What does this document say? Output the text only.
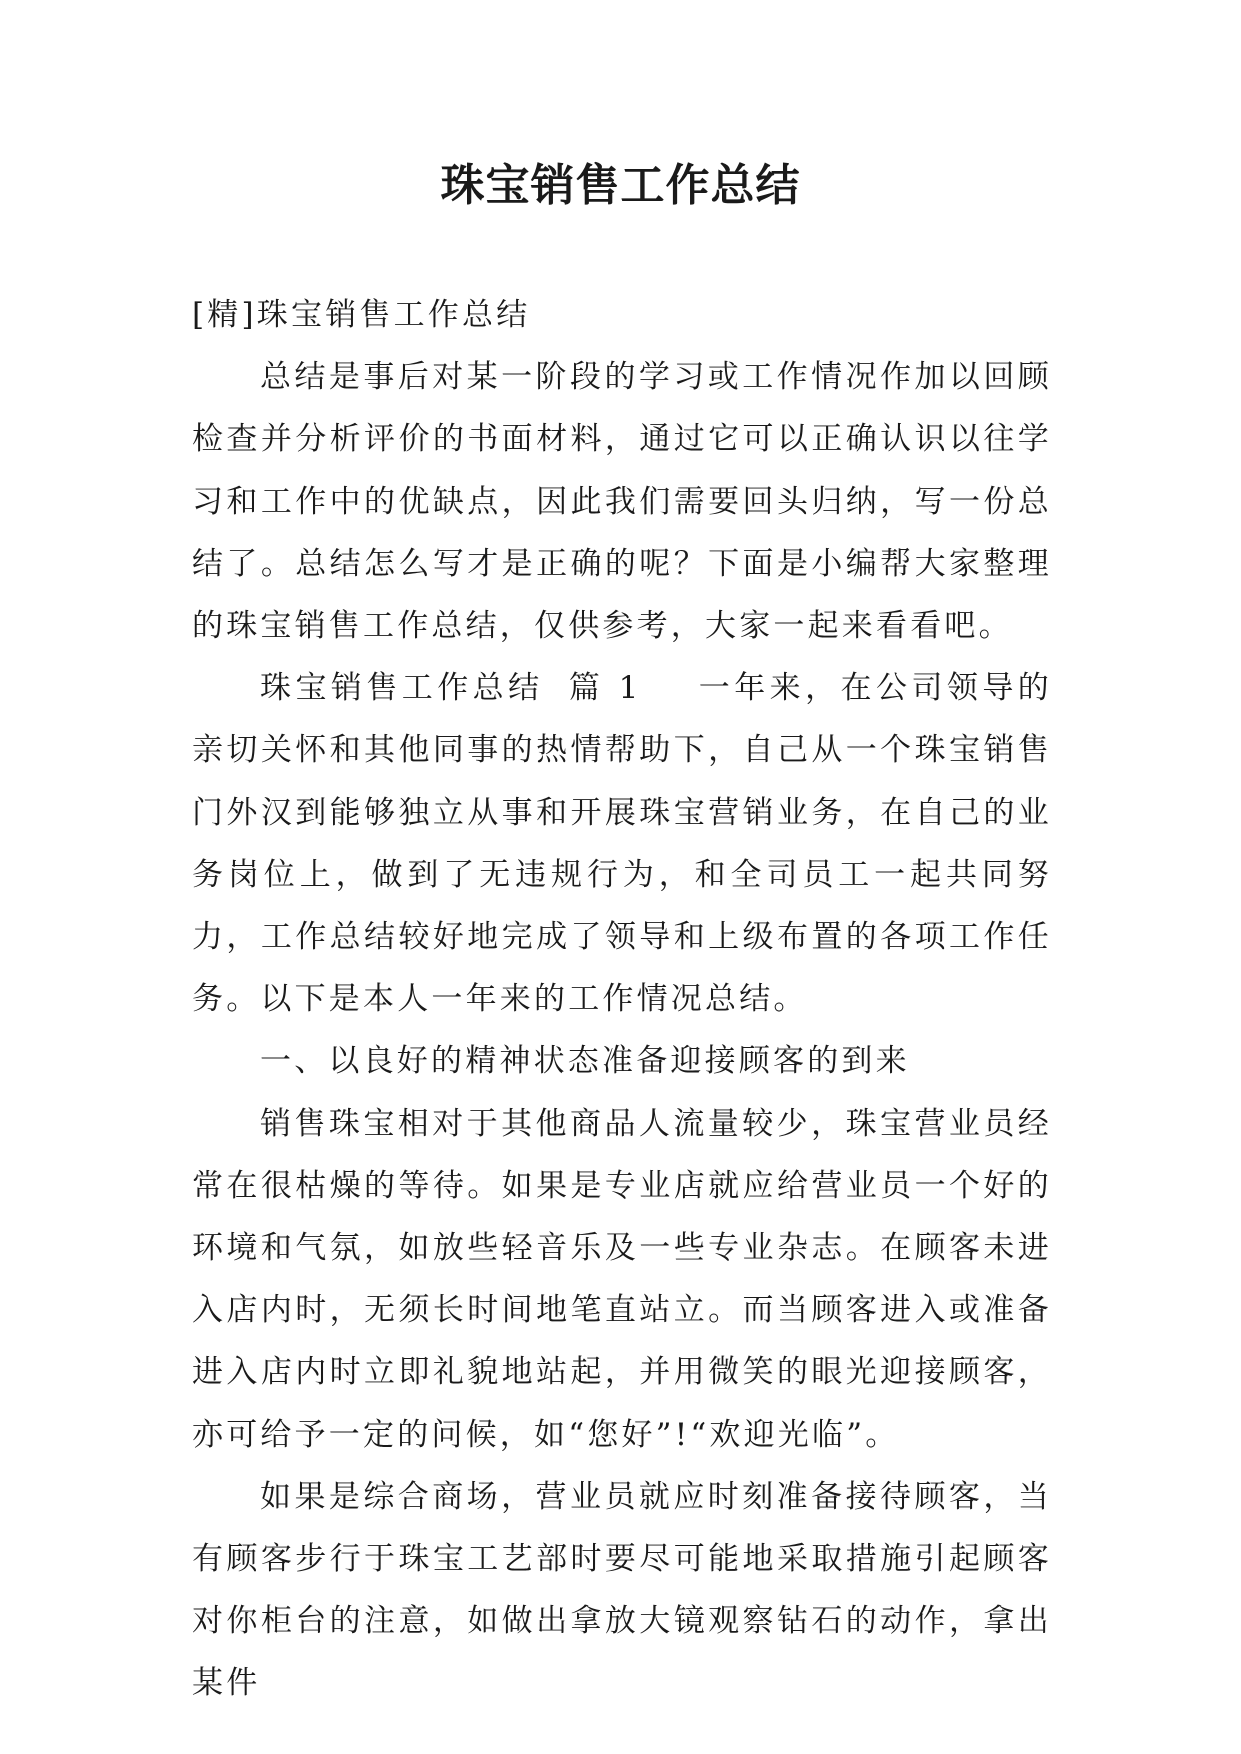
珠宝销售工作总结

[精]珠宝销售工作总结

总结是事后对某一阶段的学习或工作情况作加以回顾检查并分析评价的书面材料，通过它可以正确认识以往学习和工作中的优缺点，因此我们需要回头归纳，写一份总结了。总结怎么写才是正确的呢？下面是小编帮大家整理的珠宝销售工作总结，仅供参考，大家一起来看看吧。

珠宝销售工作总结 篇 1 一年来，在公司领导的亲切关怀和其他同事的热情帮助下，自己从一个珠宝销售门外汉到能够独立从事和开展珠宝营销业务，在自己的业务岗位上，做到了无违规行为，和全司员工一起共同努力，工作总结较好地完成了领导和上级布置的各项工作任务。以下是本人一年来的工作情况总结。

一、以良好的精神状态准备迎接顾客的到来

销售珠宝相对于其他商品人流量较少，珠宝营业员经常在很枯燥的等待。如果是专业店就应给营业员一个好的环境和气氛，如放些轻音乐及一些专业杂志。在顾客未进入店内时，无须长时间地笔直站立。而当顾客进入或准备进入店内时立即礼貌地站起，并用微笑的眼光迎接顾客，亦可给予一定的问候，如“您好”!“欢迎光临”。

如果是综合商场，营业员就应时刻准备接待顾客，当有顾客步行于珠宝工艺部时要尽可能地采取措施引起顾客对你柜台的注意，如做出拿放大镜观察钻石的动作，拿出某件
